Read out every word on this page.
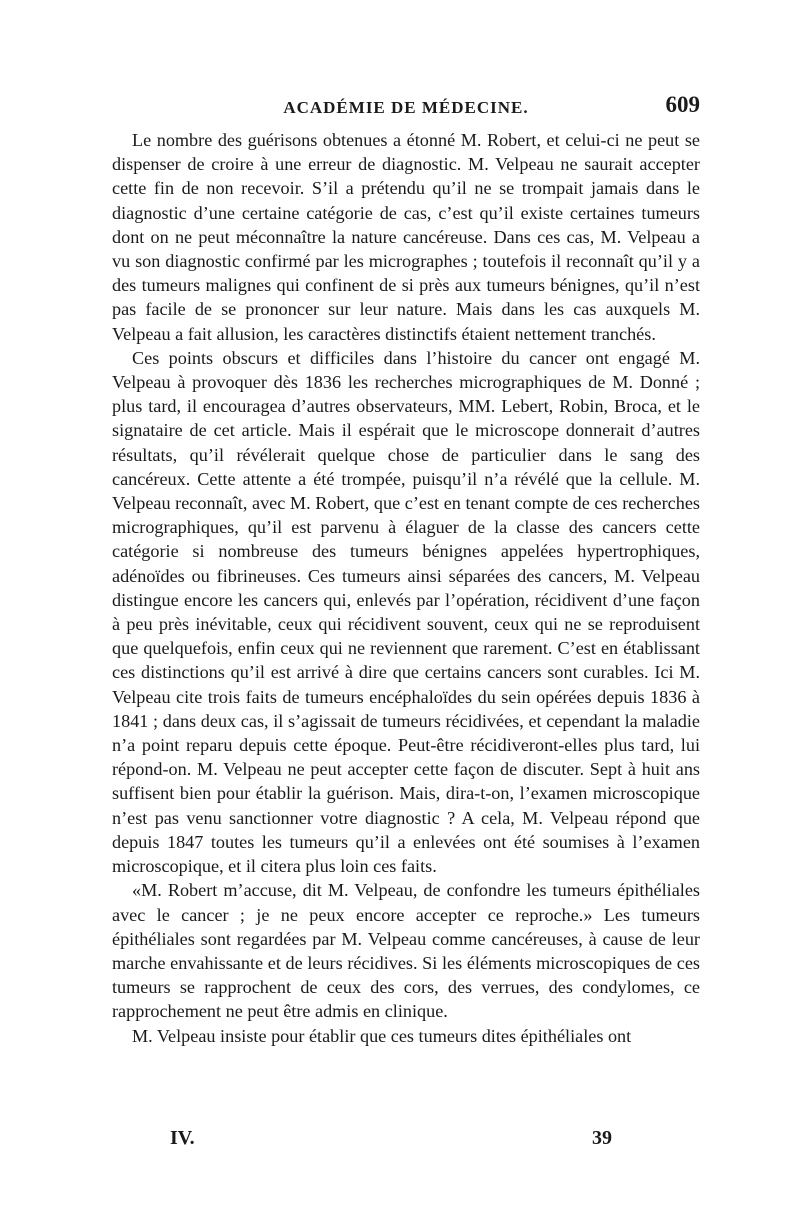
ACADÉMIE DE MÉDECINE.	609

Le nombre des guérisons obtenues a étonné M. Robert, et celui-ci ne peut se dispenser de croire à une erreur de diagnostic. M. Velpeau ne saurait accepter cette fin de non recevoir. S’il a prétendu qu’il ne se trompait jamais dans le diagnostic d’une certaine catégorie de cas, c’est qu’il existe certaines tumeurs dont on ne peut méconnaître la nature cancéreuse. Dans ces cas, M. Velpeau a vu son diagnostic confirmé par les micrographes ; toutefois il reconnaît qu’il y a des tumeurs malignes qui confinent de si près aux tumeurs bénignes, qu’il n’est pas facile de se prononcer sur leur nature. Mais dans les cas auxquels M. Velpeau a fait allusion, les caractères distinctifs étaient nettement tranchés.

Ces points obscurs et difficiles dans l’histoire du cancer ont engagé M. Velpeau à provoquer dès 1836 les recherches micrographiques de M. Donné ; plus tard, il encouragea d’autres observateurs, MM. Lebert, Robin, Broca, et le signataire de cet article. Mais il espérait que le microscope donnerait d’autres résultats, qu’il révélerait quelque chose de particulier dans le sang des cancéreux. Cette attente a été trompée, puisqu’il n’a révélé que la cellule. M. Velpeau reconnaît, avec M. Robert, que c’est en tenant compte de ces recherches micrographiques, qu’il est parvenu à élaguer de la classe des cancers cette catégorie si nombreuse des tumeurs bénignes appelées hypertrophiques, adénoïdes ou fibrineuses. Ces tumeurs ainsi séparées des cancers, M. Velpeau distingue encore les cancers qui, enlevés par l’opération, récidivent d’une façon à peu près inévitable, ceux qui récidivent souvent, ceux qui ne se reproduisent que quelquefois, enfin ceux qui ne reviennent que rarement. C’est en établissant ces distinctions qu’il est arrivé à dire que certains cancers sont curables. Ici M. Velpeau cite trois faits de tumeurs encéphaloïdes du sein opérées depuis 1836 à 1841 ; dans deux cas, il s’agissait de tumeurs récidivées, et cependant la maladie n’a point reparu depuis cette époque. Peut-être récidiveront-elles plus tard, lui répond-on. M. Velpeau ne peut accepter cette façon de discuter. Sept à huit ans suffisent bien pour établir la guérison. Mais, dira-t-on, l’examen microscopique n’est pas venu sanctionner votre diagnostic ? A cela, M. Velpeau répond que depuis 1847 toutes les tumeurs qu’il a enlevées ont été soumises à l’examen microscopique, et il citera plus loin ces faits.

«M. Robert m’accuse, dit M. Velpeau, de confondre les tumeurs épithéliales avec le cancer ; je ne peux encore accepter ce reproche.» Les tumeurs épithéliales sont regardées par M. Velpeau comme cancéreuses, à cause de leur marche envahissante et de leurs récidives. Si les éléments microscopiques de ces tumeurs se rapprochent de ceux des cors, des verrues, des condylomes, ce rapprochement ne peut être admis en clinique.

M. Velpeau insiste pour établir que ces tumeurs dites épithéliales ont

IV.	39
